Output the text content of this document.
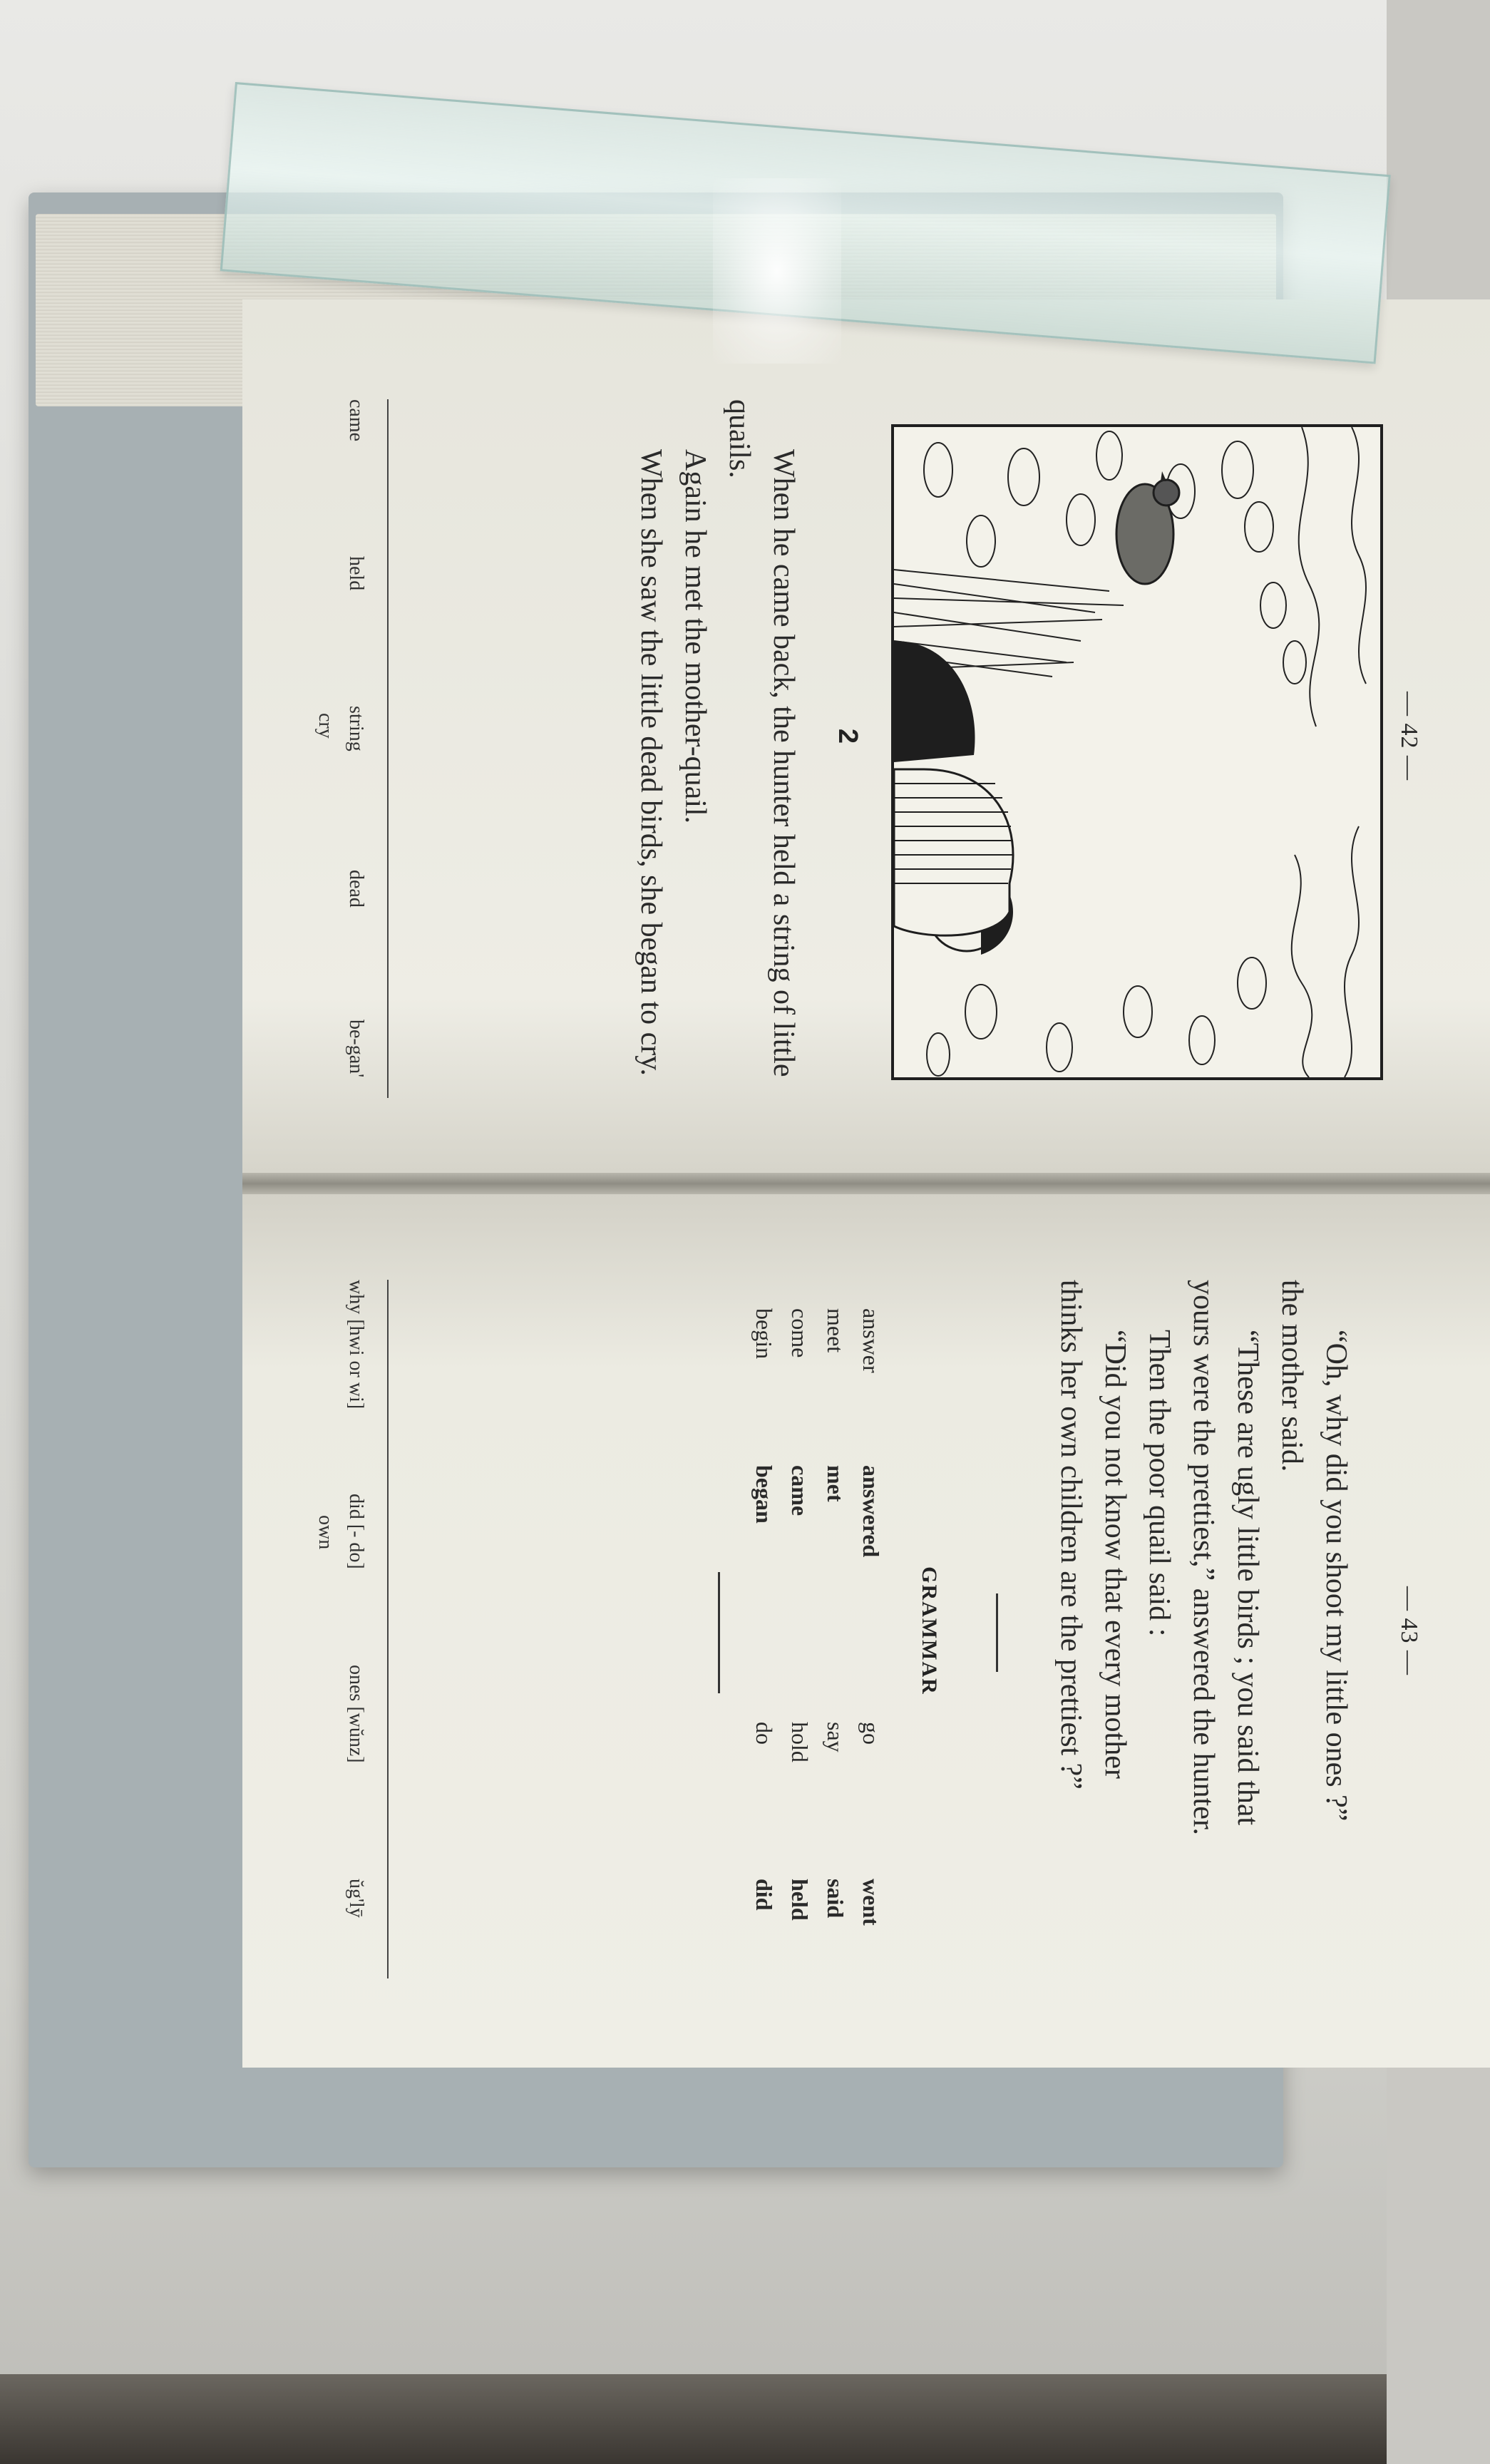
— 42 —
2

When he came back, the hunter held a string of little quails.

Again he met the mother-quail.

When she saw the little dead birds, she began to cry.

came
held
string
dead
be-gan'
cry
— 43 —

“Oh, why did you shoot my little ones ?”

the mother said.

“These are ugly little birds ; you said that

yours were the prettiest,” answered the hunter.

Then the poor quail said :

“Did you not know that every mother

thinks her own children are the prettiest ?”

GRAMMAR
answer
answered
go
went
meet
met
say
said
come
came
hold
held
begin
began
do
did
why [hwi or wi]
did [- do]
ones [wŭnz]
ŭg'lȳ
own
